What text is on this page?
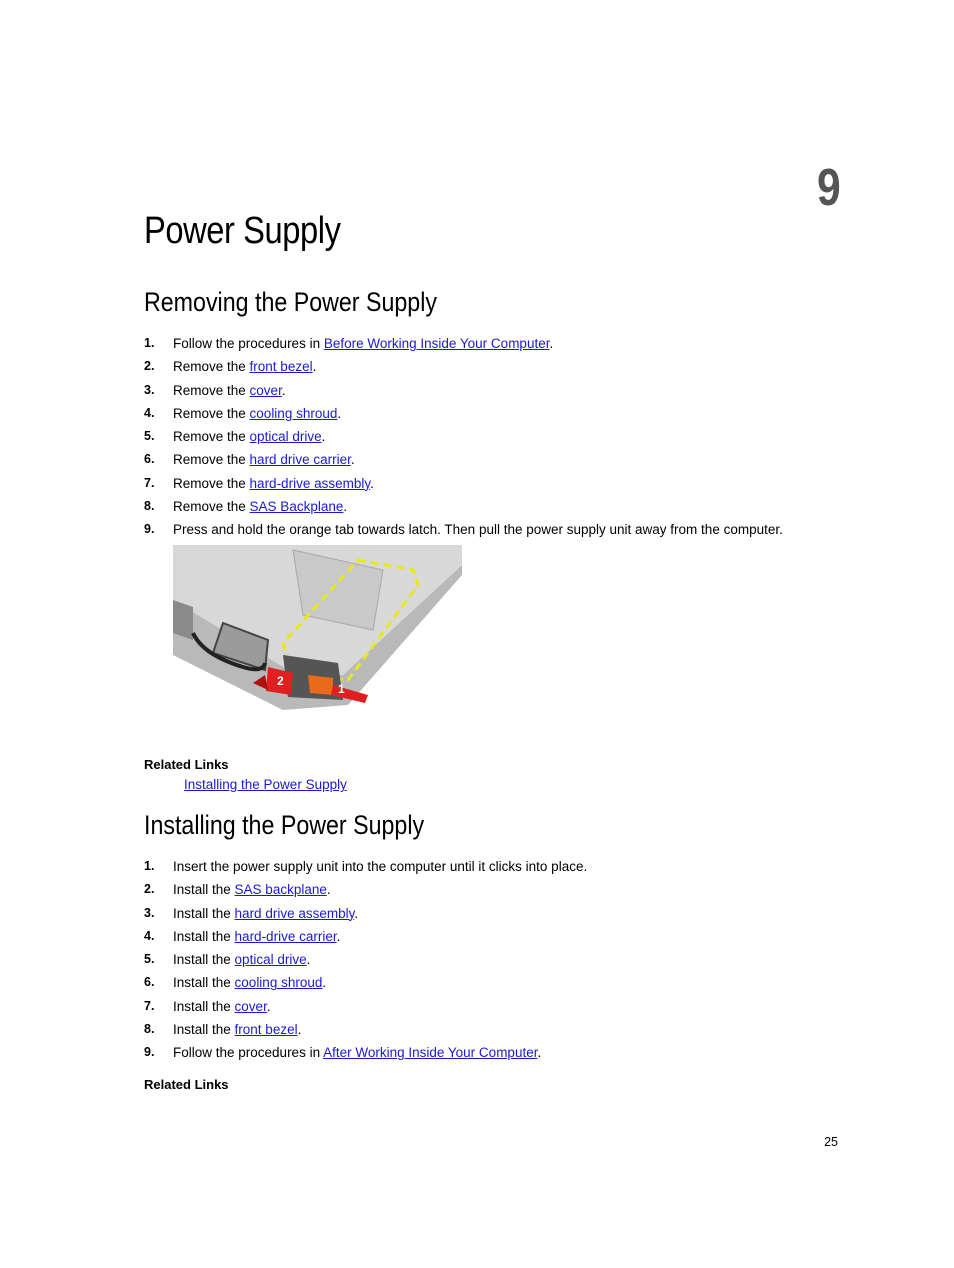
9
Power Supply
Removing the Power Supply
1. Follow the procedures in Before Working Inside Your Computer.
2. Remove the front bezel.
3. Remove the cover.
4. Remove the cooling shroud.
5. Remove the optical drive.
6. Remove the hard drive carrier.
7. Remove the hard-drive assembly.
8. Remove the SAS Backplane.
9. Press and hold the orange tab towards latch. Then pull the power supply unit away from the computer.
2
1

Related Links

Installing the Power Supply
Installing the Power Supply
1. Insert the power supply unit into the computer until it clicks into place.
2. Install the SAS backplane.
3. Install the hard drive assembly.
4. Install the hard-drive carrier.
5. Install the optical drive.
6. Install the cooling shroud.
7. Install the cover.
8. Install the front bezel.
9. Follow the procedures in After Working Inside Your Computer.

Related Links

25
